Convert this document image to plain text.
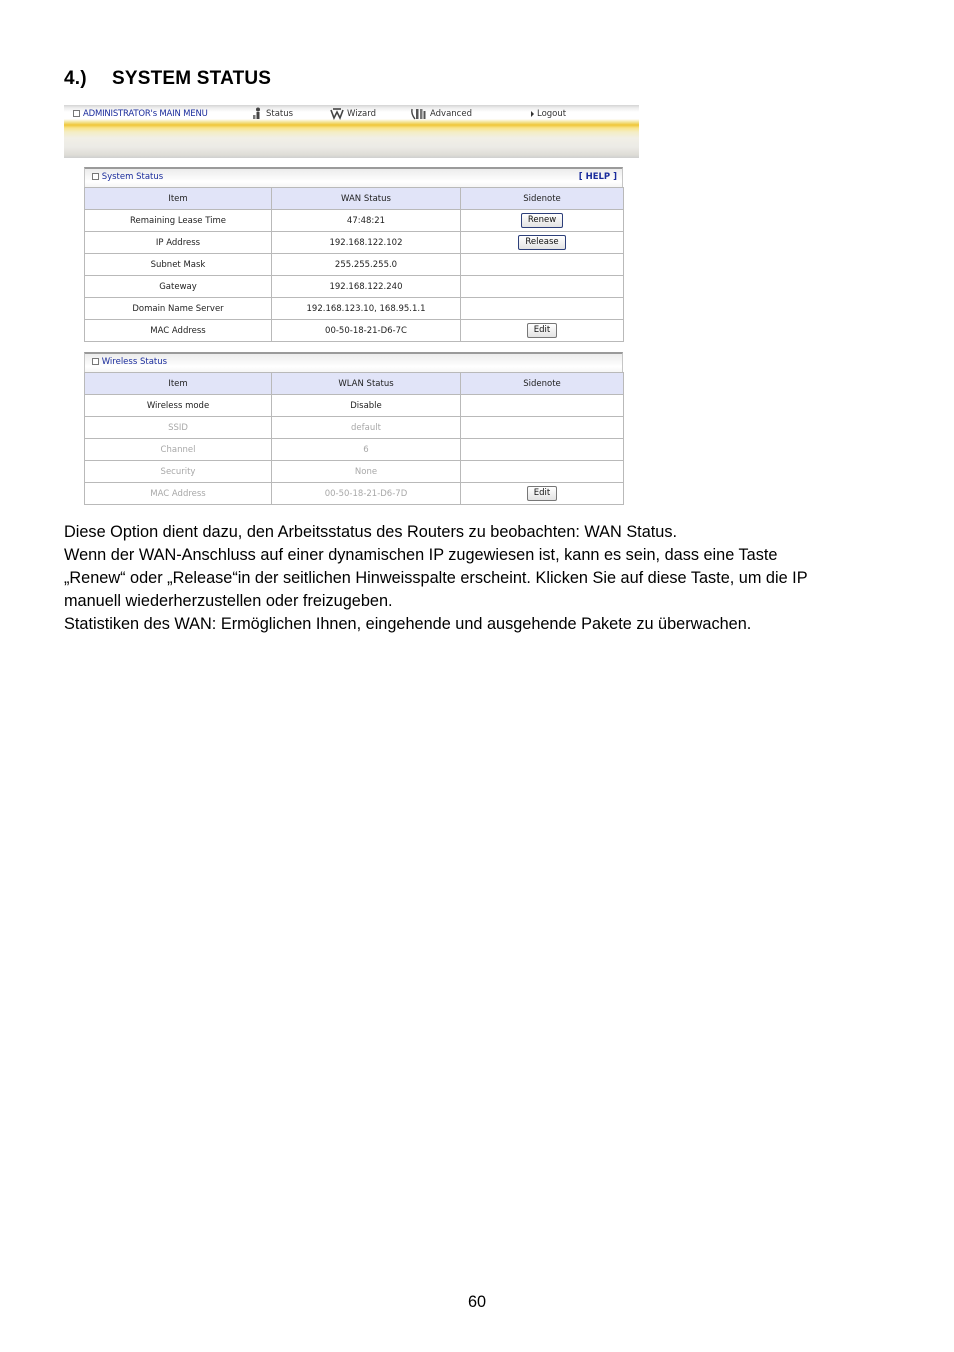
4.) SYSTEM STATUS
ADMINISTRATOR's MAIN MENU	Status	Wizard	Advanced	Logout
System Status	[ HELP ]
Item	WAN Status	Sidenote
Remaining Lease Time	47:48:21	Renew
IP Address	192.168.122.102	Release
Subnet Mask	255.255.255.0	
Gateway	192.168.122.240	
Domain Name Server	192.168.123.10, 168.95.1.1	
MAC Address	00-50-18-21-D6-7C	Edit
Wireless Status
Item	WLAN Status	Sidenote
Wireless mode	Disable	
SSID	default	
Channel	6	
Security	None	
MAC Address	00-50-18-21-D6-7D	Edit

Diese Option dient dazu, den Arbeitsstatus des Routers zu beobachten: WAN Status.

Wenn der WAN-Anschluss auf einer dynamischen IP zugewiesen ist, kann es sein, dass eine Taste

„Renew“ oder „Release“in der seitlichen Hinweisspalte erscheint. Klicken Sie auf diese Taste, um die IP

manuell wiederherzustellen oder freizugeben.

Statistiken des WAN: Ermöglichen Ihnen, eingehende und ausgehende Pakete zu überwachen.

60
